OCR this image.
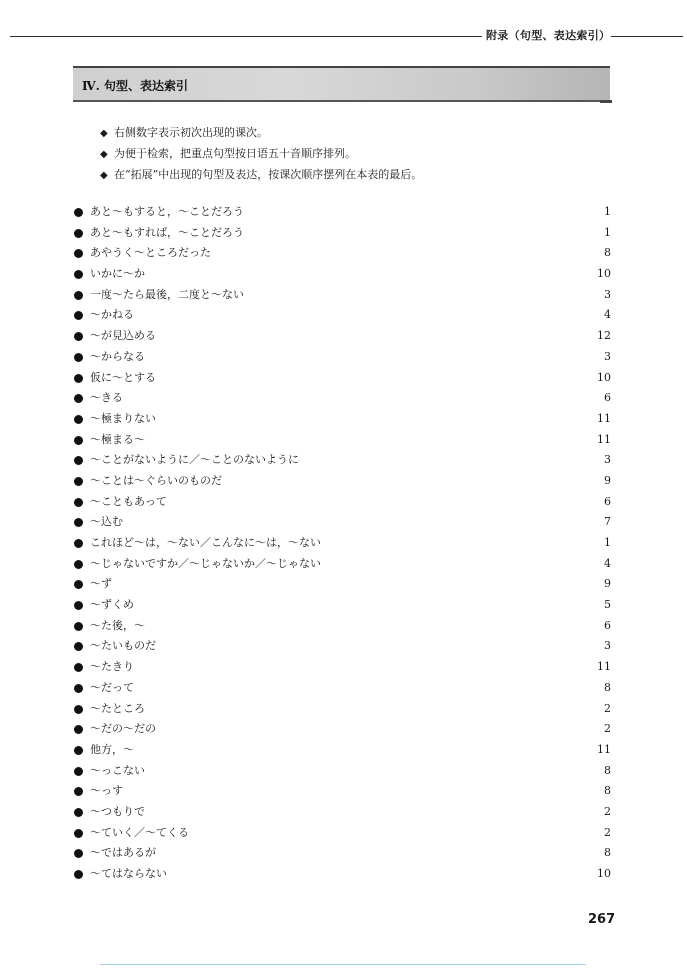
附录（句型、表达索引）
Ⅳ. 句型、表达索引
◆ 右侧数字表示初次出现的课次。
◆ 为便于检索，把重点句型按日语五十音顺序排列。
◆ 在“拓展”中出现的句型及表达，按课次顺序摆列在本表的最后。
あと～もすると，～ことだろう	1
あと～もすれば，～ことだろう	1
あやうく～ところだった	8
いかに～か	10
一度～たら最後，二度と～ない	3
～かねる	4
～が見込める	12
～からなる	3
仮に～とする	10
～きる	6
～極まりない	11
～極まる～	11
～ことがないように／～ことのないように	3
～ことは～ぐらいのものだ	9
～こともあって	6
～込む	7
これほど～は，～ない／こんなに～は，～ない	1
～じゃないですか／～じゃないか／～じゃない	4
～ず	9
～ずくめ	5
～た後，～	6
～たいものだ	3
～たきり	11
～だって	8
～たところ	2
～だの～だの	2
他方，～	11
～っこない	8
～っす	8
～つもりで	2
～ていく／～てくる	2
～ではあるが	8
～てはならない	10
267
